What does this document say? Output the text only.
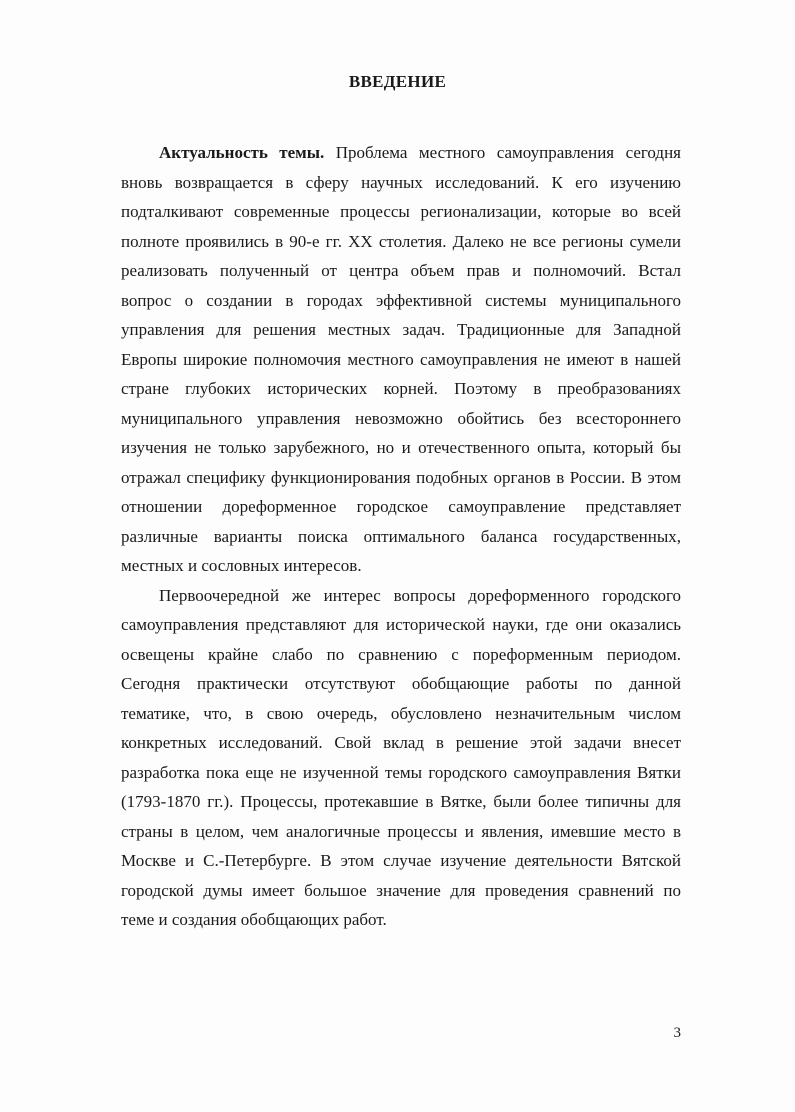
ВВЕДЕНИЕ
Актуальность темы. Проблема местного самоуправления сегодня
вновь возвращается в сферу научных исследований. К его изучению
подталкивают современные процессы регионализации, которые во всей
полноте проявились в 90-е гг. XX столетия. Далеко не все регионы сумели
реализовать полученный от центра объем прав и полномочий. Встал
вопрос о создании в городах эффективной системы муниципального
управления для решения местных задач. Традиционные для Западной
Европы широкие полномочия местного самоуправления не имеют в нашей
стране глубоких исторических корней. Поэтому в преобразованиях
муниципального управления невозможно обойтись без всестороннего
изучения не только зарубежного, но и отечественного опыта, который бы
отражал специфику функционирования подобных органов в России. В этом
отношении дореформенное городское самоуправление представляет
различные варианты поиска оптимального баланса государственных,
местных и сословных интересов.
Первоочередной же интерес вопросы дореформенного городского
самоуправления представляют для исторической науки, где они оказались
освещены крайне слабо по сравнению с пореформенным периодом.
Сегодня практически отсутствуют обобщающие работы по данной
тематике, что, в свою очередь, обусловлено незначительным числом
конкретных исследований. Свой вклад в решение этой задачи внесет
разработка пока еще не изученной темы городского самоуправления Вятки
(1793-1870 гг.). Процессы, протекавшие в Вятке, были более типичны для
страны в целом, чем аналогичные процессы и явления, имевшие место в
Москве и С.-Петербурге. В этом случае изучение деятельности Вятской
городской думы имеет большое значение для проведения сравнений по
теме и создания обобщающих работ.
3
